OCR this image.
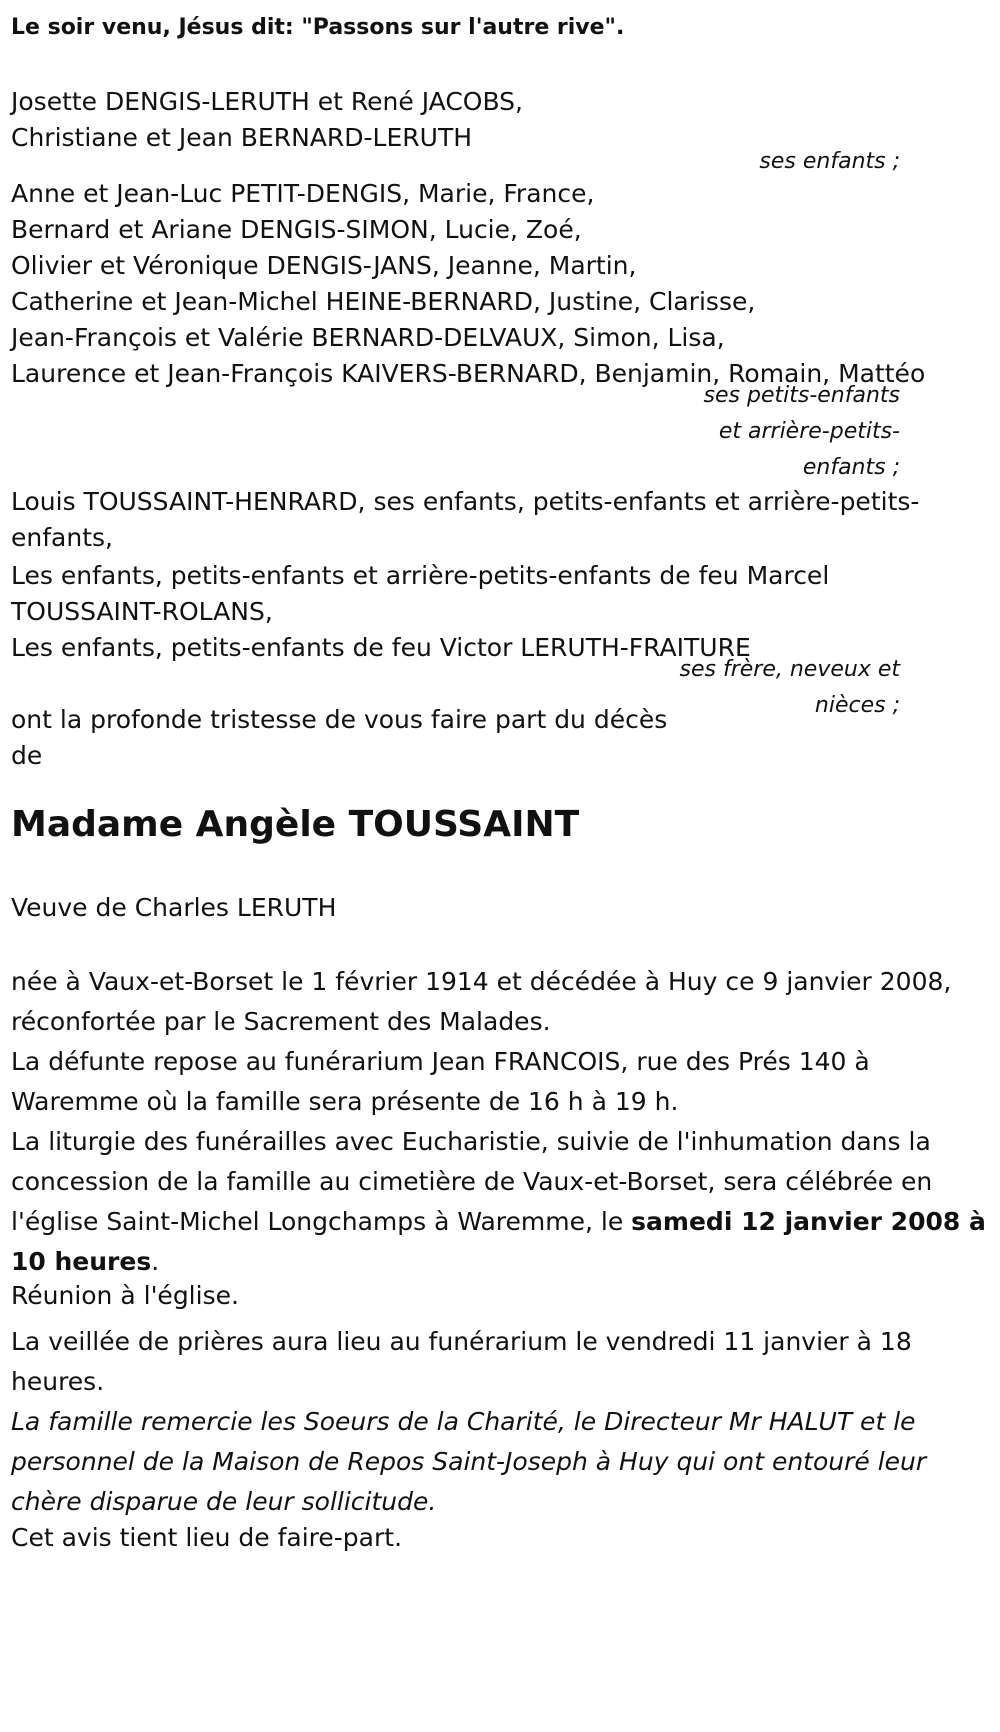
Le soir venu, Jésus dit: "Passons sur l'autre rive".
Josette DENGIS-LERUTH et René JACOBS,
Christiane et Jean BERNARD-LERUTH
ses enfants ;
Anne et Jean-Luc PETIT-DENGIS, Marie, France,
Bernard et Ariane DENGIS-SIMON, Lucie, Zoé,
Olivier et Véronique DENGIS-JANS, Jeanne, Martin,
Catherine et Jean-Michel HEINE-BERNARD, Justine, Clarisse,
Jean-François et Valérie BERNARD-DELVAUX, Simon, Lisa,
Laurence et Jean-François KAIVERS-BERNARD, Benjamin, Romain, Mattéo
ses petits-enfants
et arrière-petits-
enfants ;
Louis TOUSSAINT-HENRARD, ses enfants, petits-enfants et arrière-petits-
enfants,
Les enfants, petits-enfants et arrière-petits-enfants de feu Marcel
TOUSSAINT-ROLANS,
Les enfants, petits-enfants de feu Victor LERUTH-FRAITURE
ses frère, neveux et
nièces ;
ont la profonde tristesse de vous faire part du décès
de
Madame Angèle TOUSSAINT
Veuve de Charles LERUTH
née à Vaux-et-Borset le 1 février 1914 et décédée à Huy ce 9 janvier 2008, réconfortée par le Sacrement des Malades.
La défunte repose au funérarium Jean FRANCOIS, rue des Prés 140 à Waremme où la famille sera présente de 16 h à 19 h.
La liturgie des funérailles avec Eucharistie, suivie de l'inhumation dans la concession de la famille au cimetière de Vaux-et-Borset, sera célébrée en l'église Saint-Michel Longchamps à Waremme, le samedi 12 janvier 2008 à 10 heures.
Réunion à l'église.
La veillée de prières aura lieu au funérarium le vendredi 11 janvier à 18 heures.
La famille remercie les Soeurs de la Charité, le Directeur Mr HALUT et le personnel de la Maison de Repos Saint-Joseph à Huy qui ont entouré leur chère disparue de leur sollicitude.
Cet avis tient lieu de faire-part.
